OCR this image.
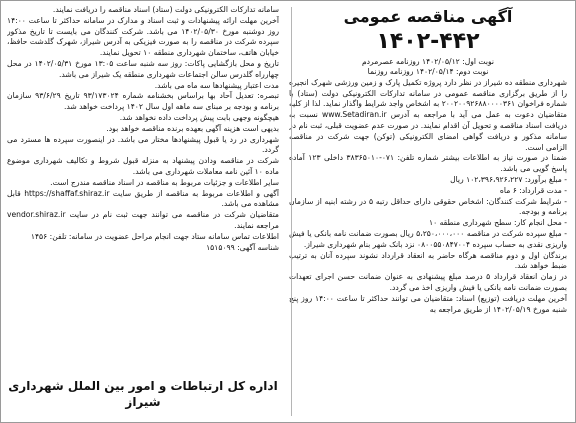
آگهی مناقصه عمومی
۱۴۰۲-۴۴۲
نوبت اول: ۱۴۰۲/۰۵/۱۲ روزنامه عصرمردم
نوبت دوم: ۱۴۰۲/۰۵/۱۴ روزنامه روزنما

شهرداری منطقه ده شیراز در نظر دارد پروژه تکمیل پارک و زمین ورزشی شهرک انجیره را از طریق برگزاری مناقصه عمومی در سامانه تدارکات الکترونیکی دولت (ستاد) با شماره فراخوان ۲۰۰۲۰۰۹۲۶۸۸۰۰۰۰۳۶۱ به اشخاص واجد شرایط واگذار نماید. لذا از کلیه متقاضیان دعوت به عمل می آید با مراجعه به آدرس www.Setadiran.ir نسبت به دریافت اسناد مناقصه و تحویل آن اقدام نمایند. در صورت عدم عضویت قبلی، ثبت نام در سامانه مذکور و دریافت گواهی امضای الکترونیکی (توکن) جهت شرکت در مناقصه الزامی است.

ضمنا در صورت نیاز به اطلاعات بیشتر شماره تلفن: ۰۷۱-۳۸۳۶۵۰۱۰ داخلی ۱۲۳ آماده پاسخ گویی می باشد.

- مبلغ برآورد: ۱۰۲،۳۹۶،۹۲۶،۲۲۷ ریال

- مدت قرارداد: ۶ ماه

- شرایط شرکت کنندگان: اشخاص حقوقی دارای حداقل رتبه ۵ در رشته ابنیه از سازمان برنامه و بودجه.

- محل انجام کار: سطح شهرداری منطقه ۱۰

- مبلغ سپرده شرکت در مناقصه ۵،۲۵۰،۰۰۰،۰۰۰ ریال بصورت ضمانت نامه بانکی یا فیش واریزی نقدی به حساب سپرده ۰۸۰۰۵۵۰۸۴۷۰۰۴ نزد بانک شهر بنام شهرداری شیراز.

برندگان اول و دوم مناقصه هرگاه حاضر به انعقاد قرارداد نشوند سپرده آنان به ترتیب ضبط خواهد شد.

در زمان انعقاد قرارداد ۵ درصد مبلغ پیشنهادی به عنوان ضمانت حسن اجرای تعهدات بصورت ضمانت نامه بانکی یا فیش واریزی اخذ می گردد.

آخرین مهلت دریافت (توزیع) اسناد: متقاضیان می توانند حداکثر تا ساعت ۱۴:۰۰ روز پنج شنبه مورخ ۱۴۰۲/۰۵/۱۹ از طریق مراجعه به

سامانه تدارکات الکترونیکی دولت (ستاد) اسناد مناقصه را دریافت نمایند.

آخرین مهلت ارائه پیشنهادات و ثبت اسناد و مدارک در سامانه حداکثر تا ساعت ۱۴:۰۰ روز دوشنبه مورخ ۱۴۰۲/۰۵/۳۰ می باشد. شرکت کنندگان می بایست تا تاریخ مذکور سپرده شرکت در مناقصه را به صورت فیزیکی به آدرس شیراز، شهرک گلدشت حافظ، خیابان هاتف، ساختمان شهرداری منطقه ۱۰ تحویل نمایند.

تاریخ و محل بازگشایی پاکات: روز سه شنبه ساعت ۱۳:۰۵ مورخ ۱۴۰۲/۰۵/۳۱ در محل چهارراه گلدرس سالن اجتماعات شهرداری منطقه یک شیراز می باشد.

مدت اعتبار پیشنهادها سه ماه می باشد.

تبصره: تعدیل آحاد بها براساس بخشنامه شماره ۹۳/۱۷۳۰۲۴ تاریخ ۹۳/۶/۲۹ سازمان برنامه و بودجه بر مبنای سه ماهه اول سال ۱۴۰۲ پرداخت خواهد شد.

هیچگونه وجهی بابت پیش پرداخت داده نخواهد شد.

بدیهی است هزینه آگهی بعهده برنده مناقصه خواهد بود.

شهرداری در رد یا قبول پیشنهادها مختار می باشد. در اینصورت سپرده ها مسترد می گردد.

شرکت در مناقصه ودادن پیشنهاد به منزله قبول شروط و تکالیف شهرداری موضوع ماده ۱۰ آئین نامه معاملات شهرداری می باشد.

سایر اطلاعات و جزئیات مربوط به مناقصه در اسناد مناقصه مندرج است.

آگهی و اطلاعات مربوط به مناقصه از طریق سایت https://shaffaf.shiraz.ir قابل مشاهده می باشد.

متقاضیان شرکت در مناقصه می توانند جهت ثبت نام در سایت vendor.shiraz.ir مراجعه نمایند.

اطلاعات تماس سامانه ستاد جهت انجام مراحل عضویت در سامانه: تلفن: ۱۴۵۶

شناسه آگهی: ۱۵۱۵۰۹۹

اداره کل ارتباطات و امور بین الملل شهرداری شیراز
